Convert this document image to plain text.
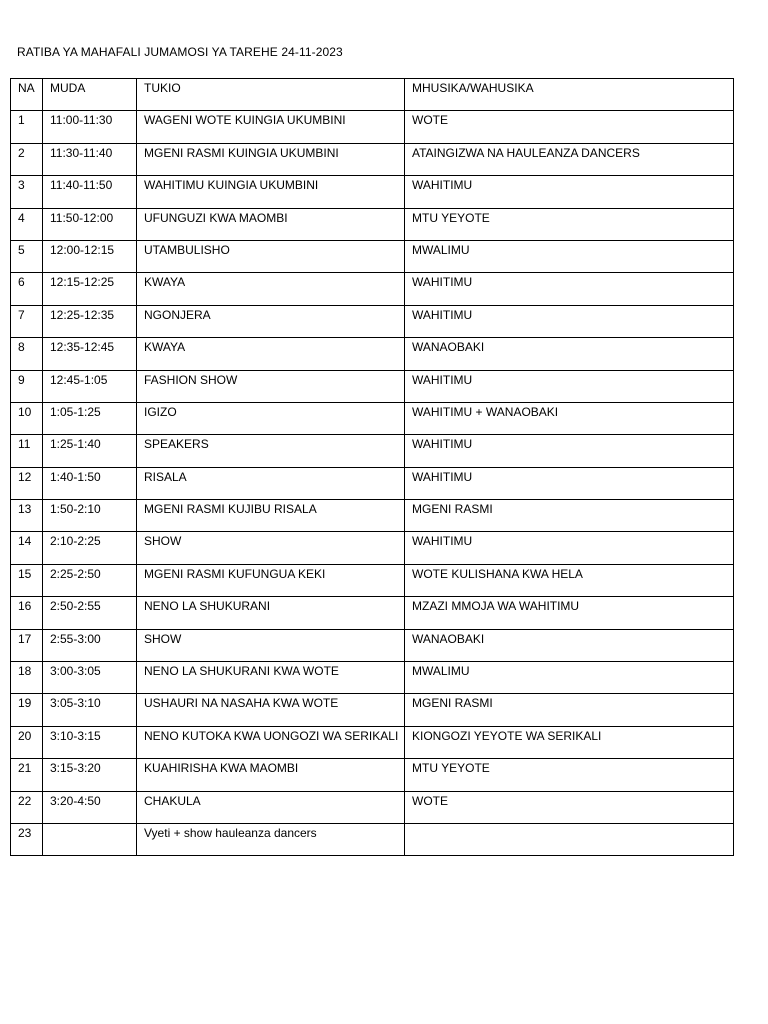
RATIBA YA MAHAFALI JUMAMOSI YA TAREHE 24-11-2023
NA	MUDA	TUKIO	MHUSIKA/WAHUSIKA

1	11:00-11:30	WAGENI WOTE KUINGIA UKUMBINI	WOTE

2	11:30-11:40	MGENI RASMI KUINGIA UKUMBINI	ATAINGIZWA NA HAULEANZA DANCERS

3	11:40-11:50	WAHITIMU KUINGIA UKUMBINI	WAHITIMU

4	11:50-12:00	UFUNGUZI KWA MAOMBI	MTU YEYOTE

5	12:00-12:15	UTAMBULISHO	MWALIMU

6	12:15-12:25	KWAYA	WAHITIMU

7	12:25-12:35	NGONJERA	WAHITIMU

8	12:35-12:45	KWAYA	WANAOBAKI

9	12:45-1:05	FASHION SHOW	WAHITIMU

10	1:05-1:25	IGIZO	WAHITIMU + WANAOBAKI

11	1:25-1:40	SPEAKERS	WAHITIMU

12	1:40-1:50	RISALA	WAHITIMU

13	1:50-2:10	MGENI RASMI KUJIBU RISALA	MGENI RASMI

14	2:10-2:25	SHOW	WAHITIMU

15	2:25-2:50	MGENI RASMI KUFUNGUA KEKI	WOTE KULISHANA KWA HELA

16	2:50-2:55	NENO LA SHUKURANI	MZAZI MMOJA WA WAHITIMU

17	2:55-3:00	SHOW	WANAOBAKI

18	3:00-3:05	NENO LA SHUKURANI KWA WOTE	MWALIMU

19	3:05-3:10	USHAURI NA NASAHA KWA WOTE	MGENI RASMI

20	3:10-3:15	NENO KUTOKA KWA UONGOZI WA SERIKALI	KIONGOZI YEYOTE WA SERIKALI

21	3:15-3:20	KUAHIRISHA KWA MAOMBI	MTU YEYOTE

22	3:20-4:50	CHAKULA	WOTE

23		Vyeti + show hauleanza dancers	
